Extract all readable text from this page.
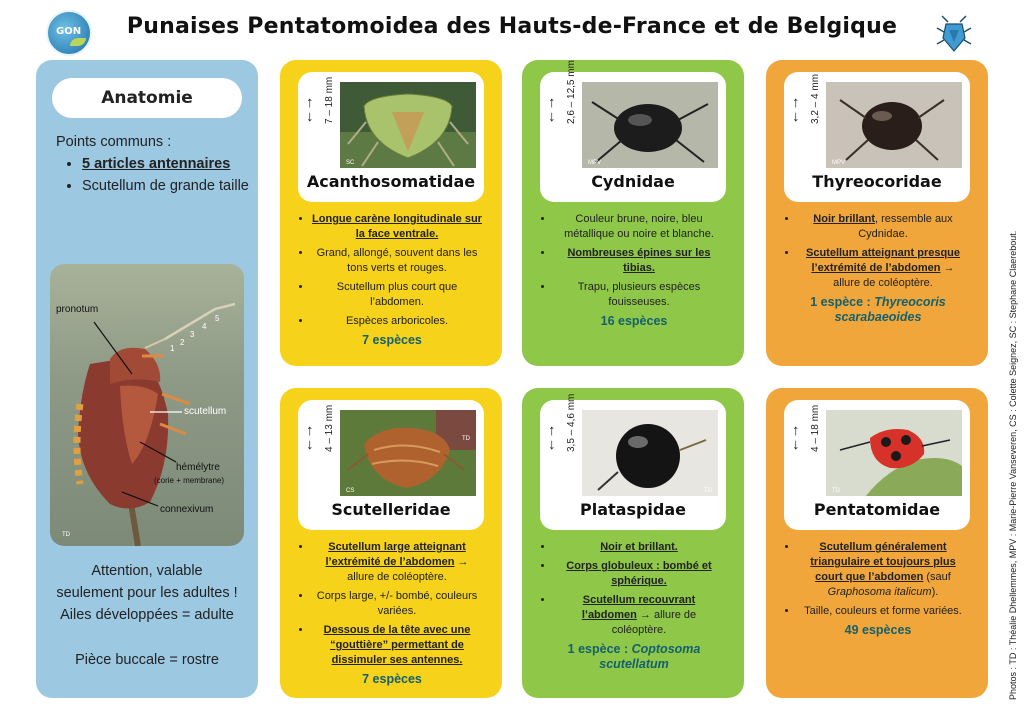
GON	Punaises Pentatomoidea des Hauts-de-France et de Belgique
Anatomie
Points communs :
• 5 articles antennaires
• Scutellum de grande taille
pronotum
scutellum
hémélytre
(corie + membrane)
connexivum
1
2
3
4
5
TD
Attention, valable
seulement pour les adultes !
Ailes développées = adulte
Pièce buccale = rostre
↑
↓ 7 – 18 mm
SC
Acanthosomatidae
• Longue carène longitudinale sur la face ventrale.
• Grand, allongé, souvent dans les tons verts et rouges.
• Scutellum plus court que l’abdomen.
• Espèces arboricoles.
7 espèces
↑
↓ 2,6 – 12,5 mm
MPV
Cydnidae
• Couleur brune, noire, bleu métallique ou noire et blanche.
• Nombreuses épines sur les tibias.
• Trapu, plusieurs espèces fouisseuses.
16 espèces
↑
↓ 3,2 – 4 mm
MPV
Thyreocoridae
• Noir brillant, ressemble aux Cydnidae.
• Scutellum atteignant presque l’extrémité de l’abdomen → allure de coléoptère.
1 espèce : Thyreocoris scarabaeoides
↑
↓ 4 – 13 mm
CS
TD
Scutelleridae
• Scutellum large atteignant l’extrémité de l’abdomen → allure de coléoptère.
• Corps large, +/- bombé, couleurs variées.
• Dessous de la tête avec une “gouttière” permettant de dissimuler ses antennes.
7 espèces
↑
↓ 3,5 – 4,6 mm
TD
Plataspidae
• Noir et brillant.
• Corps globuleux : bombé et sphérique.
• Scutellum recouvrant l’abdomen → allure de coléoptère.
1 espèce : Coptosoma scutellatum
↑
↓ 4 – 18 mm
TD
Pentatomidae
• Scutellum généralement triangulaire et toujours plus court que l’abdomen (sauf Graphosoma italicum).
• Taille, couleurs et forme variées.
49 espèces	Photos : TD : Théalie Dhellemmes, MPV : Marie-Pierre Vanseveren, CS : Colette Seignez, SC : Stephane Claerebout.
